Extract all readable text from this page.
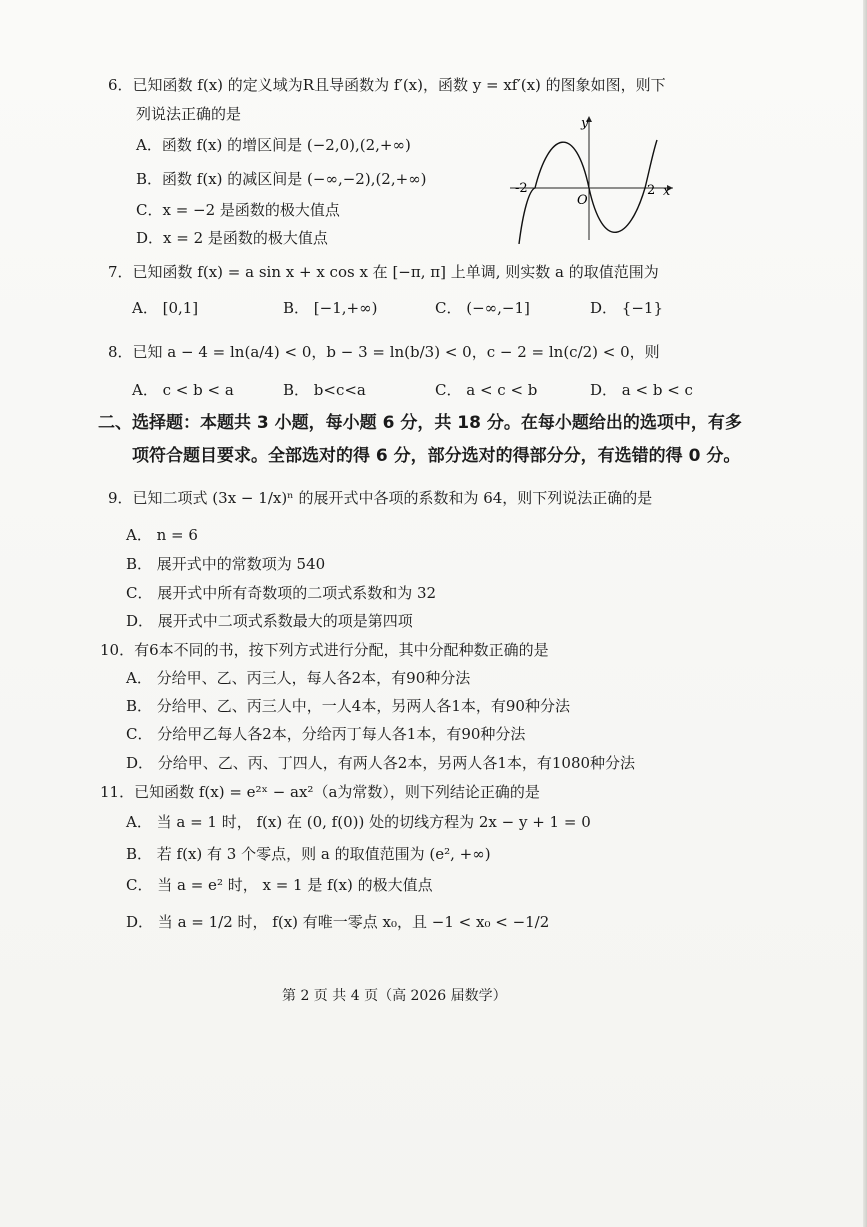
6．已知函数 f(x) 的定义域为R且导函数为 f′(x)，函数 y = xf′(x) 的图象如图，则下
列说法正确的是
A．函数 f(x) 的增区间是 (−2,0),(2,+∞)
B．函数 f(x) 的减区间是 (−∞,−2),(2,+∞)
C．x = −2 是函数的极大值点
D．x = 2 是函数的极大值点
-2
O
2 x
y
7．已知函数 f(x) = a sin x + x cos x 在 [−π, π] 上单调, 则实数 a 的取值范围为
A． [0,1]	B． [−1,+∞)	C． (−∞,−1]	D． {−1}
8．已知 a − 4 = ln(a/4) < 0，b − 3 = ln(b/3) < 0，c − 2 = ln(c/2) < 0，则
A． c < b < a	B． b<c<a	C． a < c < b	D． a < b < c
二、选择题：本题共 3 小题，每小题 6 分，共 18 分。在每小题给出的选项中，有多
项符合题目要求。全部选对的得 6 分，部分选对的得部分分，有选错的得 0 分。
9．已知二项式 (3x − 1/x)ⁿ 的展开式中各项的系数和为 64，则下列说法正确的是
A． n = 6
B． 展开式中的常数项为 540
C． 展开式中所有奇数项的二项式系数和为 32
D． 展开式中二项式系数最大的项是第四项
10．有6本不同的书，按下列方式进行分配，其中分配种数正确的是
A． 分给甲、乙、丙三人，每人各2本，有90种分法
B． 分给甲、乙、丙三人中，一人4本，另两人各1本，有90种分法
C． 分给甲乙每人各2本，分给丙丁每人各1本，有90种分法
D． 分给甲、乙、丙、丁四人，有两人各2本，另两人各1本，有1080种分法
11．已知函数 f(x) = e²ˣ − ax²（a为常数），则下列结论正确的是
A． 当 a = 1 时， f(x) 在 (0, f(0)) 处的切线方程为 2x − y + 1 = 0
B． 若 f(x) 有 3 个零点，则 a 的取值范围为 (e², +∞)
C． 当 a = e² 时， x = 1 是 f(x) 的极大值点
D． 当 a = 1/2 时， f(x) 有唯一零点 x₀，且 −1 < x₀ < −1/2
第 2 页 共 4 页（高 2026 届数学）
